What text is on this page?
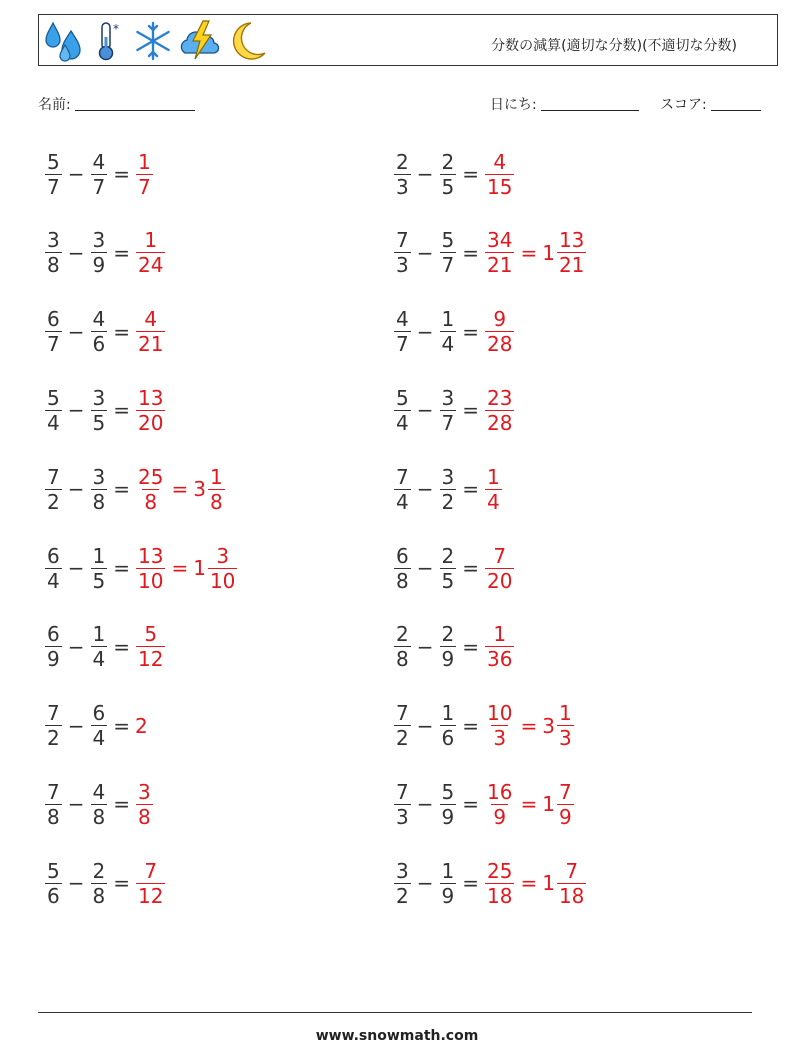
*
分数の減算(適切な分数)(不適切な分数)
名前:	日にち:	スコア:
$\frac{5}{7} - \frac{4}{7} = \frac{1}{7}$	$\frac{2}{3} - \frac{2}{5} = \frac{4}{15}$
$\frac{3}{8} - \frac{3}{9} = \frac{1}{24}$	$\frac{7}{3} - \frac{5}{7} = \frac{34}{21} = 1 \frac{13}{21}$
$\frac{6}{7} - \frac{4}{6} = \frac{4}{21}$	$\frac{4}{7} - \frac{1}{4} = \frac{9}{28}$
$\frac{5}{4} - \frac{3}{5} = \frac{13}{20}$	$\frac{5}{4} - \frac{3}{7} = \frac{23}{28}$
$\frac{7}{2} - \frac{3}{8} = \frac{25}{8} = 3 \frac{1}{8}$	$\frac{7}{4} - \frac{3}{2} = \frac{1}{4}$
$\frac{6}{4} - \frac{1}{5} = \frac{13}{10} = 1 \frac{3}{10}$	$\frac{6}{8} - \frac{2}{5} = \frac{7}{20}$
$\frac{6}{9} - \frac{1}{4} = \frac{5}{12}$	$\frac{2}{8} - \frac{2}{9} = \frac{1}{36}$
$\frac{7}{2} - \frac{6}{4} = 2$	$\frac{7}{2} - \frac{1}{6} = \frac{10}{3} = 3 \frac{1}{3}$
$\frac{7}{8} - \frac{4}{8} = \frac{3}{8}$	$\frac{7}{3} - \frac{5}{9} = \frac{16}{9} = 1 \frac{7}{9}$
$\frac{5}{6} - \frac{2}{8} = \frac{7}{12}$	$\frac{3}{2} - \frac{1}{9} = \frac{25}{18} = 1 \frac{7}{18}$
www.snowmath.com
